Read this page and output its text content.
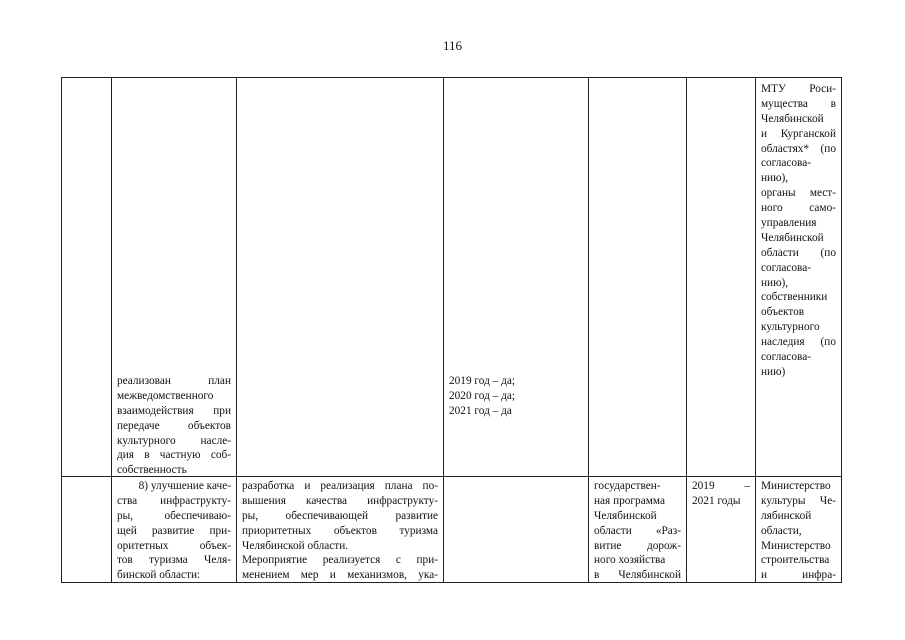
116
реализован план
межведомственного
взаимодействия при
передаче объектов
культурного насле-
дия в частную соб-
собственность
2019 год – да;
2020 год – да;
2021 год – да
МТУ Роси-
мущества в
Челябинской
и Курганской
областях* (по
согласова-
нию),
органы мест-
ного само-
управления
Челябинской
области (по
согласова-
нию),
собственники
объектов
культурного
наследия (по
согласова-
нию)
8) улучшение каче-
ства инфраструкту-
ры, обеспечиваю-
щей развитие при-
оритетных объек-
тов туризма Челя-
бинской области:
разработка и реализация плана по-
вышения качества инфраструкту-
ры, обеспечивающей развитие
приоритетных объектов туризма
Челябинской области.
Мероприятие реализуется с при-
менением мер и механизмов, ука-
государствен-
ная программа
Челябинской
области «Раз-
витие дорож-
ного хозяйства
в Челябинской
2019 –
2021 годы
Министерство
культуры Че-
лябинской
области,
Министерство
строительства
и инфра-
